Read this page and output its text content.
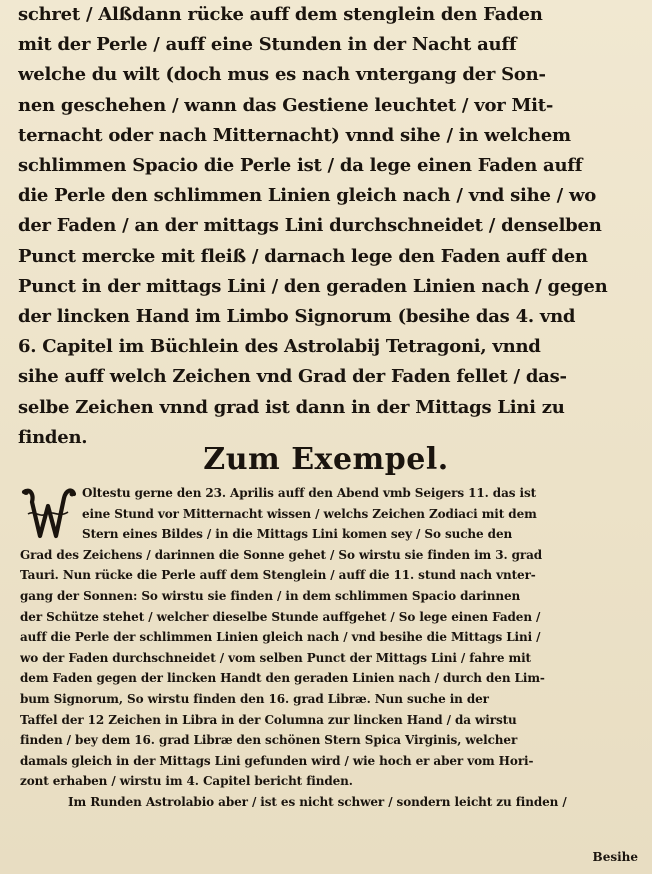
schret / Alßdann rücke auff dem stenglein den Faden
mit der Perle / auff eine Stunden in der Nacht auff
welche du wilt (doch mus es nach vntergang der Son-
nen geschehen / wann das Gestiene leuchtet / vor Mit-
ternacht oder nach Mitternacht) vnnd sihe / in welchem
schlimmen Spacio die Perle ist / da lege einen Faden auff
die Perle den schlimmen Linien gleich nach / vnd sihe / wo
der Faden / an der mittags Lini durchschneidet / denselben
Punct mercke mit fleiß / darnach lege den Faden auff den
Punct in der mittags Lini / den geraden Linien nach / gegen
der lincken Hand im Limbo Signorum (besihe das 4. vnd
6. Capitel im Büchlein des Astrolabij Tetragoni, vnnd
sihe auff welch Zeichen vnd Grad der Faden fellet / das-
selbe Zeichen vnnd grad ist dann in der Mittags Lini zu
finden.
Zum Exempel.
Oltestu gerne den 23. Aprilis auff den Abend vmb Seigers 11. das ist
eine Stund vor Mitternacht wissen / welchs Zeichen Zodiaci mit dem
Stern eines Bildes / in die Mittags Lini komen sey / So suche den
Grad des Zeichens / darinnen die Sonne gehet / So wirstu sie finden im 3. grad
Tauri. Nun rücke die Perle auff dem Stenglein / auff die 11. stund nach vnter-
gang der Sonnen: So wirstu sie finden / in dem schlimmen Spacio darinnen
der Schütze stehet / welcher dieselbe Stunde auffgehet / So lege einen Faden /
auff die Perle der schlimmen Linien gleich nach / vnd besihe die Mittags Lini /
wo der Faden durchschneidet / vom selben Punct der Mittags Lini / fahre mit
dem Faden gegen der lincken Handt den geraden Linien nach / durch den Lim-
bum Signorum, So wirstu finden den 16. grad Libræ. Nun suche in der
Taffel der 12 Zeichen in Libra in der Columna zur lincken Hand / da wirstu
finden / bey dem 16. grad Libræ den schönen Stern Spica Virginis, welcher
damals gleich in der Mittags Lini gefunden wird / wie hoch er aber vom Hori-
zont erhaben / wirstu im 4. Capitel bericht finden.
Im Runden Astrolabio aber / ist es nicht schwer / sondern leicht zu finden /
Besihe
